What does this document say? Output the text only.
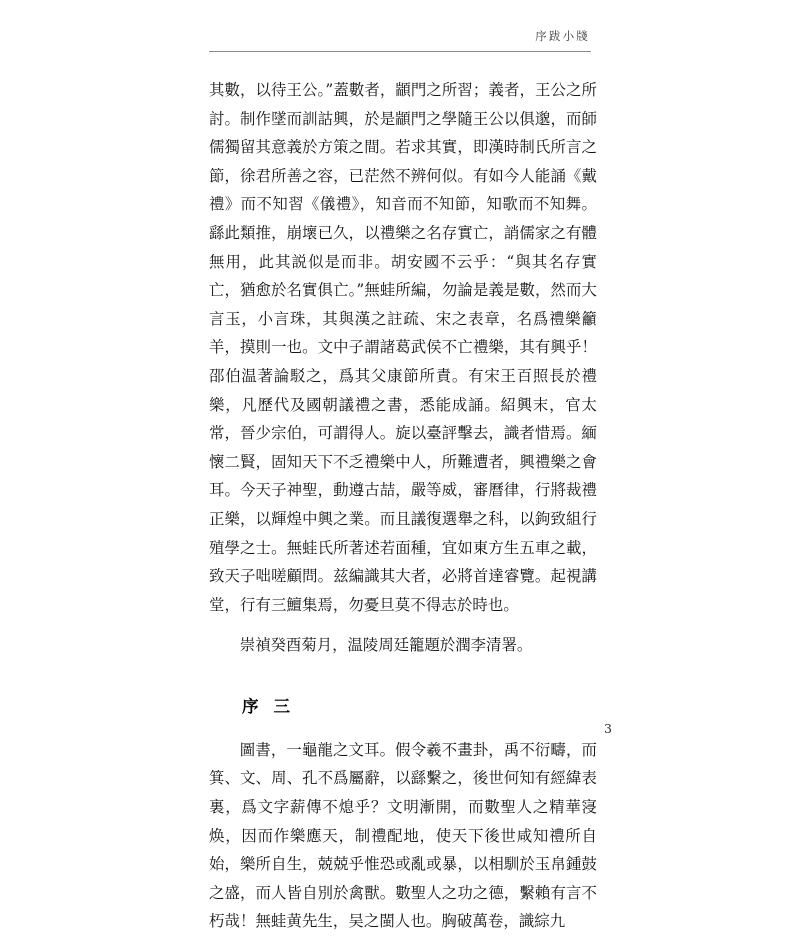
序跋小牋

其數，以待王公。”蓋數者，顓門之所習；義者，王公之所討。制作墜而訓詁興，於是顓門之學隨王公以俱邈，而師儒獨留其意義於方策之間。若求其實，即漢時制氏所言之節，徐君所善之容，已茫然不辨何似。有如今人能誦《戴禮》而不知習《儀禮》，知音而不知節，知歌而不知舞。繇此類推，崩壞已久，以禮樂之名存實亡，誚儒家之有體無用，此其説似是而非。胡安國不云乎：“與其名存實亡，猶愈於名實俱亡。”無蛙所編，勿論是義是數，然而大言玉，小言珠，其與漢之註疏、宋之表章，名爲禮樂籲羊，摸則一也。文中子謂諸葛武侯不亡禮樂，其有興乎！邵伯温著論駁之，爲其父康節所責。有宋王百照長於禮樂，凡歷代及國朝議禮之書，悉能成誦。紹興末，官太常，晉少宗伯，可謂得人。旋以臺評擊去，識者惜焉。緬懷二賢，固知天下不乏禮樂中人，所難遭者，興禮樂之會耳。今天子神聖，動遵古喆，嚴等威，審曆律，行將裁禮正樂，以輝煌中興之業。而且議復選舉之科，以鉤致組行殖學之士。無蛙氏所著述若面種，宜如東方生五車之載，致天子咄嗟顧問。兹編識其大者，必將首達睿覽。起視講堂，行有三鱣集焉，勿憂旦莫不得志於時也。

崇禎癸酉菊月，温陵周廷籠題於潤李清署。

序 三

圖書，一龜龍之文耳。假令羲不畫卦，禹不衍疇，而箕、文、周、孔不爲屬辭，以繇繫之，後世何知有經緯表裏，爲文字薪傳不熄乎？文明漸開，而數聖人之精華寖焕，因而作樂應天，制禮配地，使天下後世咸知禮所自始，樂所自生，兢兢乎惟恐或亂或暴，以相馴於玉帛鍾鼓之盛，而人皆自別於禽獸。數聖人之功之德，繫賴有言不朽哉！無蛙黄先生，吴之閩人也。胸破萬卷，識綜九

3
